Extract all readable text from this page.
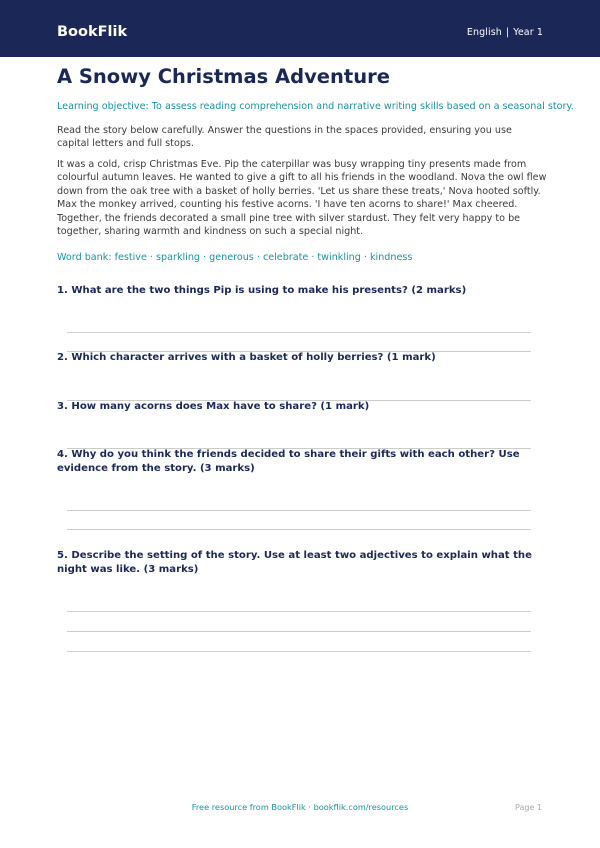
BookFlik	English | Year 1
A Snowy Christmas Adventure
Learning objective: To assess reading comprehension and narrative writing skills based on a seasonal story.
Read the story below carefully. Answer the questions in the spaces provided, ensuring you use capital letters and full stops.
It was a cold, crisp Christmas Eve. Pip the caterpillar was busy wrapping tiny presents made from colourful autumn leaves. He wanted to give a gift to all his friends in the woodland. Nova the owl flew down from the oak tree with a basket of holly berries. 'Let us share these treats,' Nova hooted softly. Max the monkey arrived, counting his festive acorns. 'I have ten acorns to share!' Max cheered. Together, the friends decorated a small pine tree with silver stardust. They felt very happy to be together, sharing warmth and kindness on such a special night.
Word bank: festive · sparkling · generous · celebrate · twinkling · kindness
1. What are the two things Pip is using to make his presents? (2 marks)
2. Which character arrives with a basket of holly berries? (1 mark)
3. How many acorns does Max have to share? (1 mark)
4. Why do you think the friends decided to share their gifts with each other? Use evidence from the story. (3 marks)
5. Describe the setting of the story. Use at least two adjectives to explain what the night was like. (3 marks)
Free resource from BookFlik · bookflik.com/resources	Page 1
